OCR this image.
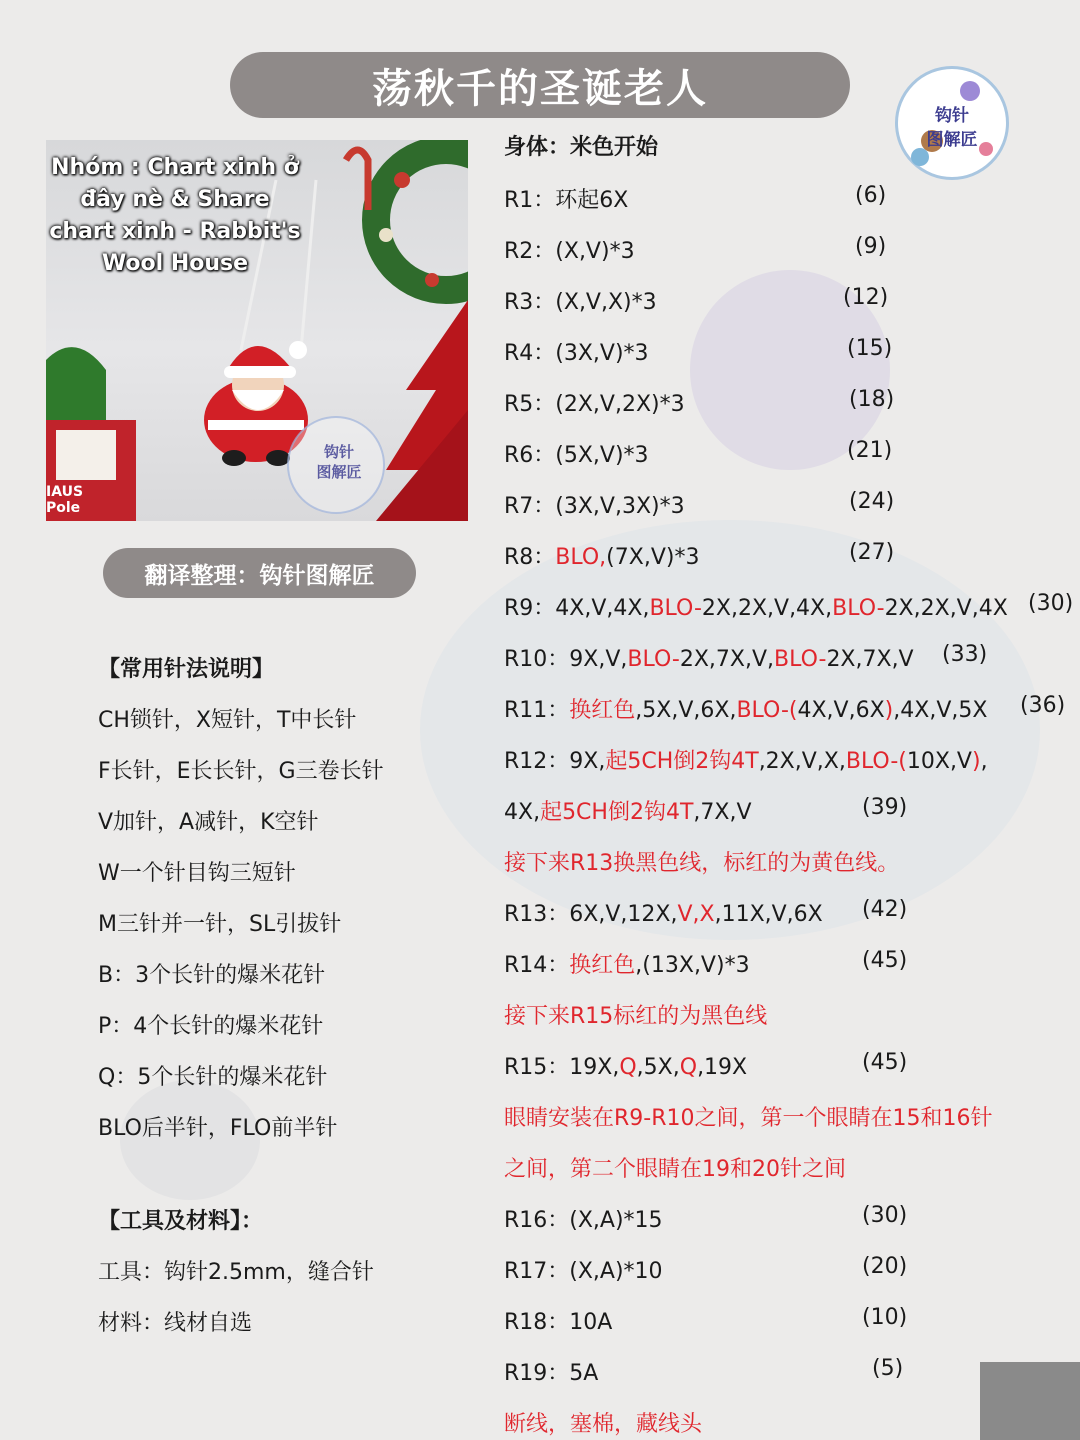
荡秋千的圣诞老人
钩针
图解匠
钩针
图解匠
IAUS
Pole
Nhóm : Chart xinh ở
đây nè & Share
chart xinh - Rabbit's
Wool House
翻译整理：钩针图解匠
【常用针法说明】
CH锁针，X短针，T中长针
F长针，E长长针，G三卷长针
V加针，A减针，K空针
W一个针目钩三短针
M三针并一针，SL引拔针
B：3个长针的爆米花针
P：4个长针的爆米花针
Q：5个长针的爆米花针
BLO后半针，FLO前半针
【工具及材料】：
工具：钩针2.5mm，缝合针
材料：线材自选
身体：米色开始
R1：环起6X	(6)
R2：(X,V)*3	(9)
R3：(X,V,X)*3	(12)
R4：(3X,V)*3	(15)
R5：(2X,V,2X)*3	(18)
R6：(5X,V)*3	(21)
R7：(3X,V,3X)*3	(24)
R8：BLO,(7X,V)*3	(27)
R9：4X,V,4X,BLO-2X,2X,V,4X,BLO-2X,2X,V,4X (30)
R10：9X,V,BLO-2X,7X,V,BLO-2X,7X,V (33)
R11：换红色,5X,V,6X,BLO-(4X,V,6X),4X,V,5X (36)
R12：9X,起5CH倒2钩4T,2X,V,X,BLO-(10X,V),
4X,起5CH倒2钩4T,7X,V	(39)
接下来R13换黑色线，标红的为黄色线。
R13：6X,V,12X,V,X,11X,V,6X (42)
R14：换红色,(13X,V)*3	(45)
接下来R15标红的为黑色线
R15：19X,Q,5X,Q,19X	(45)
眼睛安装在R9-R10之间，第一个眼睛在15和16针
之间，第二个眼睛在19和20针之间
R16：(X,A)*15	(30)
R17：(X,A)*10	(20)
R18：10A	(10)
R19：5A	(5)
断线，塞棉，藏线头
